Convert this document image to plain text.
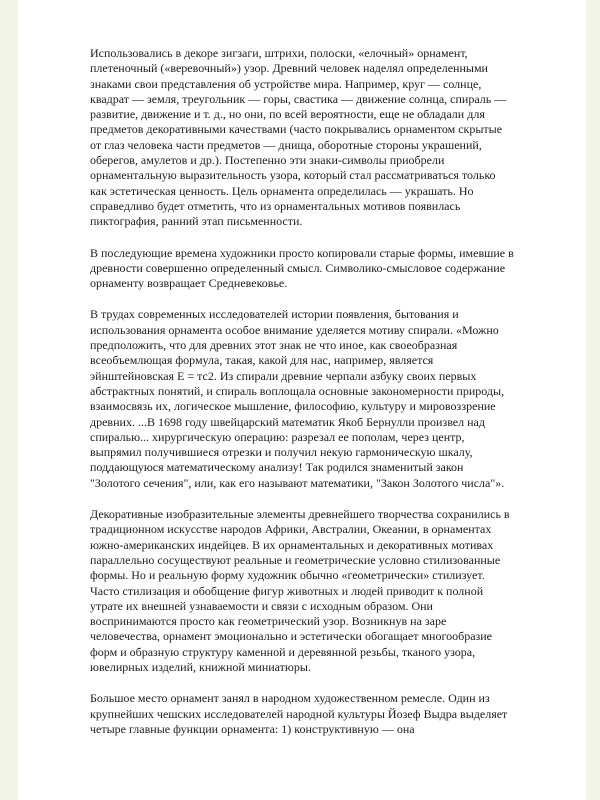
Использовались в декоре зигзаги, штрихи, полоски, «елочный» орнамент, плетеночный («веревочный») узор. Древний человек наделял определенными знаками свои представления об устройстве мира. Например, круг — солнце, квадрат — земля, треугольник — горы, свастика — движение солнца, спираль — развитие, движение и т. д., но они, по всей вероятности, еще не обладали для предметов декоративными качествами (часто покрывались орнаментом скрытые от глаз человека части предметов — днища, оборотные стороны украшений, оберегов, амулетов и др.). Постепенно эти знаки-символы приобрели орнаментальную выразительность узора, который стал рассматриваться только как эстетическая ценность. Цель орнамента определилась — украшать. Но справедливо будет отметить, что из орнаментальных мотивов появилась пиктография, ранний этап письменности.

В последующие времена художники просто копировали старые формы, имевшие в древности совершенно определенный смысл. Символико-смысловое содержание орнаменту возвращает Средневековье.

В трудах современных исследователей истории появления, бытования и использования орнамента особое внимание уделяется мотиву спирали. «Можно предположить, что для древних этот знак не что иное, как своеобразная всеобъемлющая формула, такая, какой для нас, например, является эйнштейновская Е = тс2. Из спирали древние черпали азбуку своих первых абстрактных понятий, и спираль воплощала основные закономерности природы, взаимосвязь их, логическое мышление, философию, культуру и мировоззрение древних. ...В 1698 году швейцарский математик Якоб Бернулли произвел над спиралью... хирургическую операцию: разрезал ее пополам, через центр, выпрямил получившиеся отрезки и получил некую гармоническую шкалу, поддающуюся математическому анализу! Так родился знаменитый закон "Золотого сечения", или, как его называют математики, "Закон Золотого числа"».

Декоративные изобразительные элементы древнейшего творчества сохранились в традиционном искусстве народов Африки, Австралии, Океании, в орнаментах южно-американских индейцев. В их орнаментальных и декоративных мотивах параллельно сосуществуют реальные и геометрические условно стилизованные формы. Но и реальную форму художник обычно «геометрически» стилизует. Часто стилизация и обобщение фигур животных и людей приводит к полной утрате их внешней узнаваемости и связи с исходным образом. Они воспринимаются просто как геометрический узор. Возникнув на заре человечества, орнамент эмоционально и эстетически обогащает многообразие форм и образную структуру каменной и деревянной резьбы, тканого узора, ювелирных изделий, книжной миниатюры.

Большое место орнамент занял в народном художественном ремесле. Один из крупнейших чешских исследователей народной культуры Йозеф Выдра выделяет четыре главные функции орнамента: 1) конструктивную — она
